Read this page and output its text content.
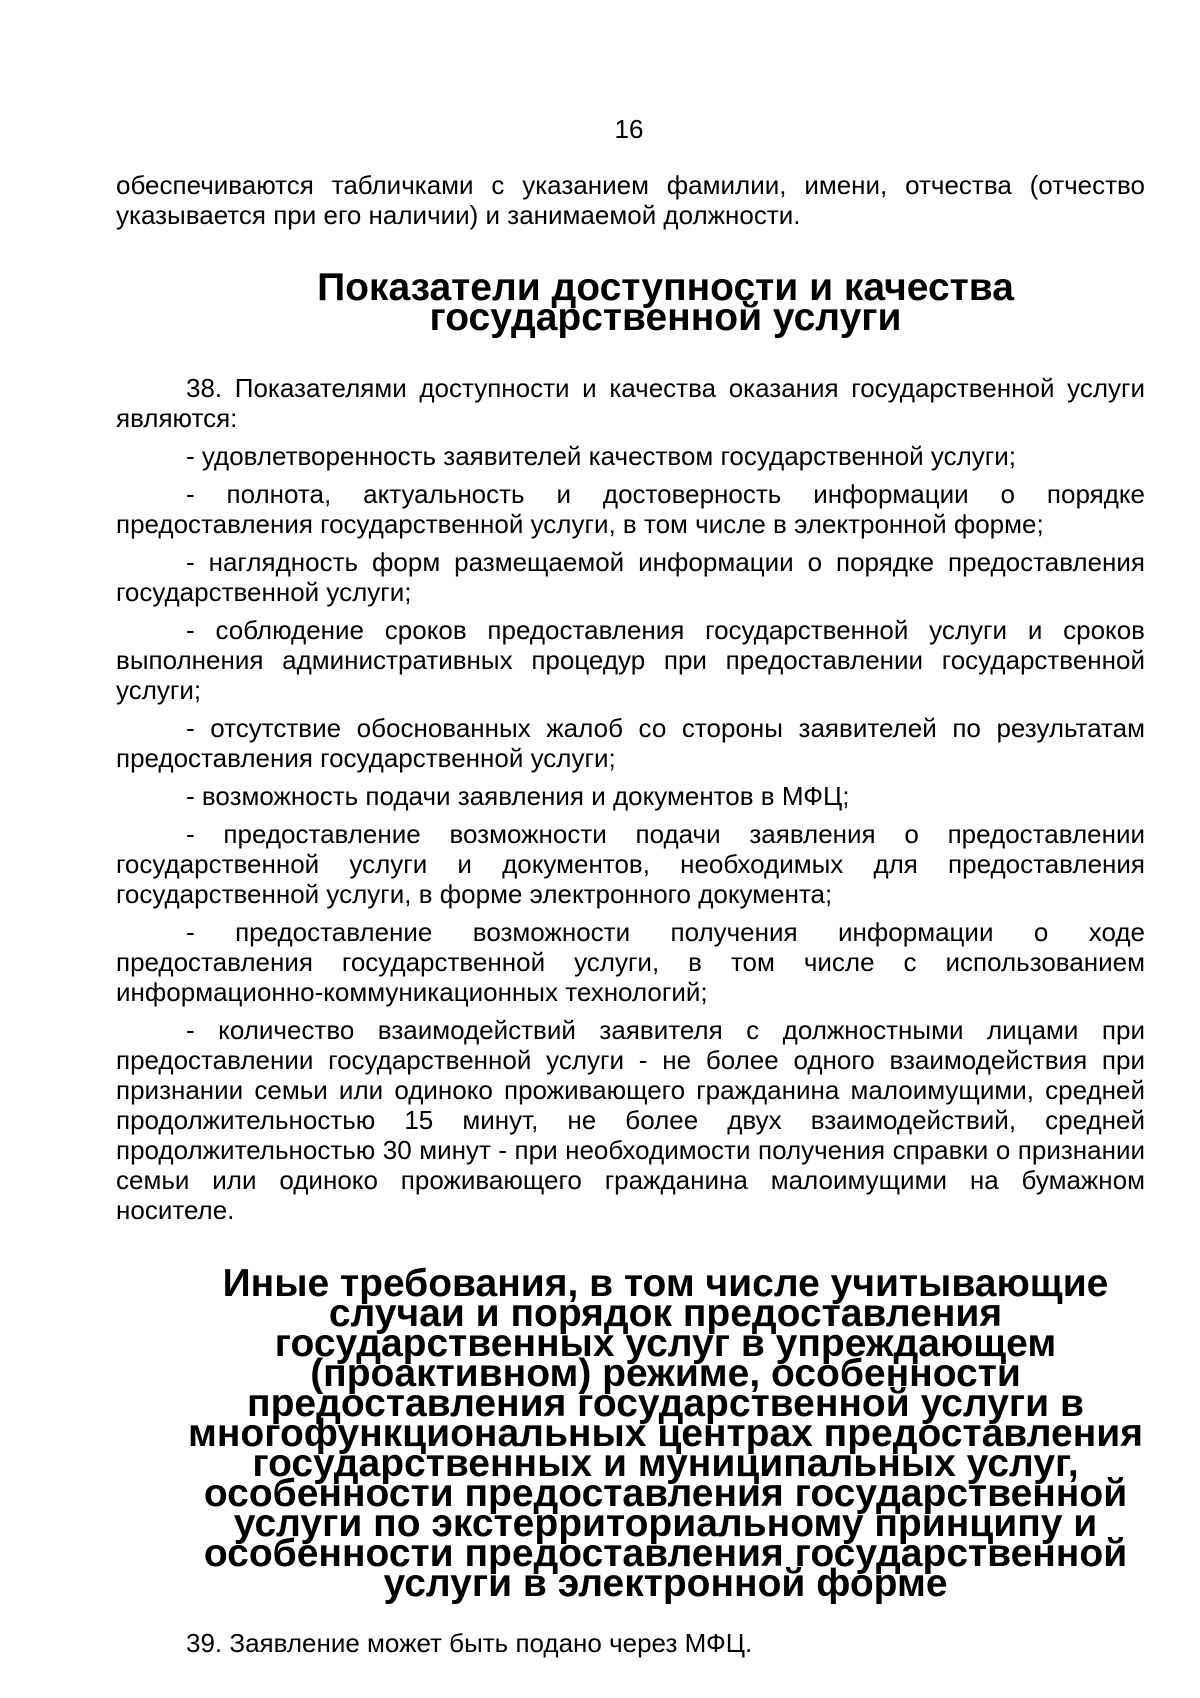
16

обеспечиваются табличками с указанием фамилии, имени, отчества (отчество указывается при его наличии) и занимаемой должности.

Показатели доступности и качества государственной услуги

38. Показателями доступности и качества оказания государственной услуги являются:

- удовлетворенность заявителей качеством государственной услуги;

- полнота, актуальность и достоверность информации о порядке предоставления государственной услуги, в том числе в электронной форме;

- наглядность форм размещаемой информации о порядке предоставления государственной услуги;

- соблюдение сроков предоставления государственной услуги и сроков выполнения административных процедур при предоставлении государственной услуги;

- отсутствие обоснованных жалоб со стороны заявителей по результатам предоставления государственной услуги;

- возможность подачи заявления и документов в МФЦ;

- предоставление возможности подачи заявления о предоставлении государственной услуги и документов, необходимых для предоставления государственной услуги, в форме электронного документа;

- предоставление возможности получения информации о ходе предоставления государственной услуги, в том числе с использованием информационно-коммуникационных технологий;

- количество взаимодействий заявителя с должностными лицами при предоставлении государственной услуги - не более одного взаимодействия при признании семьи или одиноко проживающего гражданина малоимущими, средней продолжительностью 15 минут, не более двух взаимодействий, средней продолжительностью 30 минут - при необходимости получения справки о признании семьи или одиноко проживающего гражданина малоимущими на бумажном носителе.

Иные требования, в том числе учитывающие случаи и порядок предоставления государственных услуг в упреждающем (проактивном) режиме, особенности предоставления государственной услуги в многофункциональных центрах предоставления государственных и муниципальных услуг, особенности предоставления государственной услуги по экстерриториальному принципу и особенности предоставления государственной услуги в электронной форме

39. Заявление может быть подано через МФЦ.
